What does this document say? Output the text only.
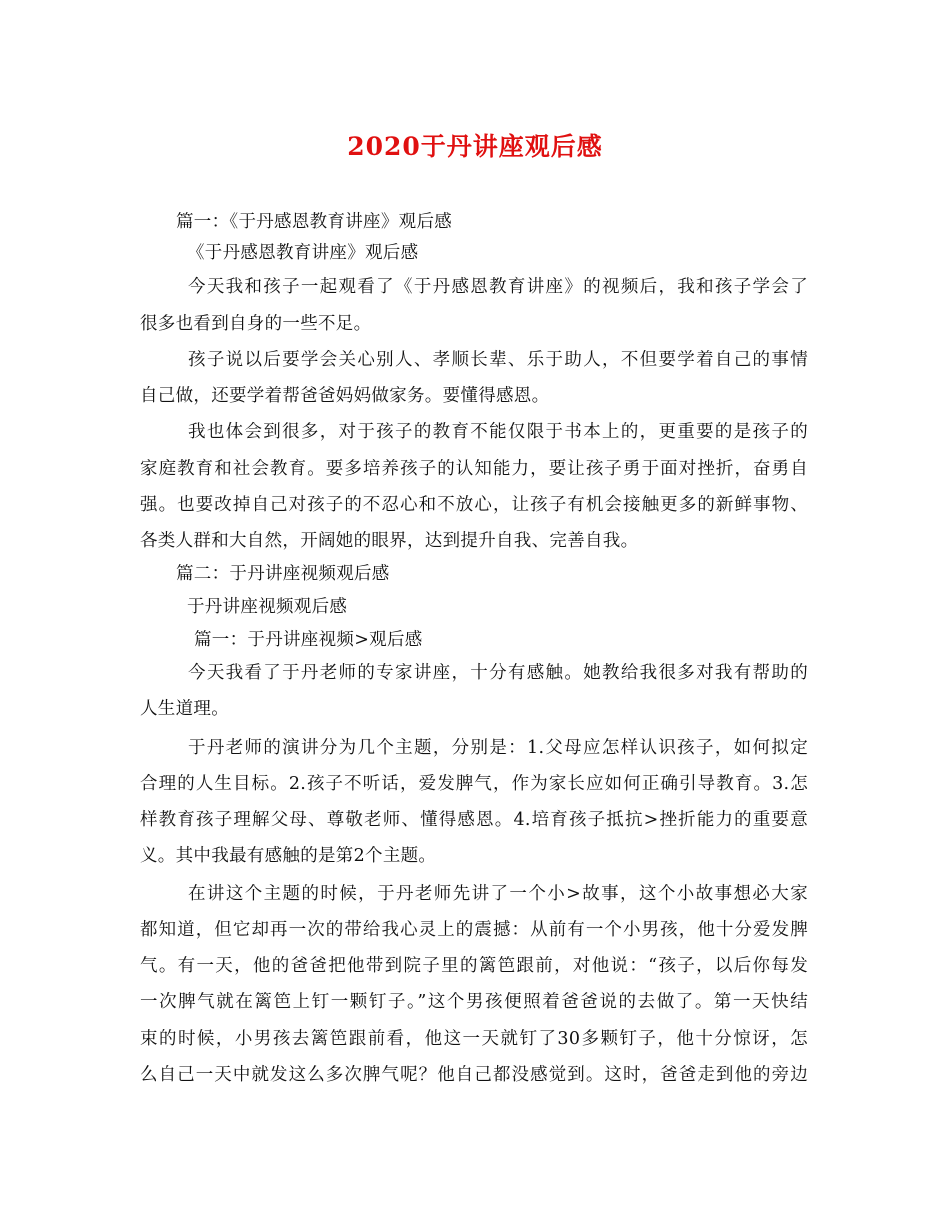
2020于丹讲座观后感
篇一：《于丹感恩教育讲座》观后感
《于丹感恩教育讲座》观后感
今天我和孩子一起观看了《于丹感恩教育讲座》的视频后，我和孩子学会了
很多也看到自身的一些不足。
孩子说以后要学会关心别人、孝顺长辈、乐于助人，不但要学着自己的事情
自己做，还要学着帮爸爸妈妈做家务。要懂得感恩。
我也体会到很多，对于孩子的教育不能仅限于书本上的，更重要的是孩子的
家庭教育和社会教育。要多培养孩子的认知能力，要让孩子勇于面对挫折，奋勇自
强。也要改掉自己对孩子的不忍心和不放心，让孩子有机会接触更多的新鲜事物、
各类人群和大自然，开阔她的眼界，达到提升自我、完善自我。
篇二：于丹讲座视频观后感
于丹讲座视频观后感
篇一：于丹讲座视频>观后感
今天我看了于丹老师的专家讲座，十分有感触。她教给我很多对我有帮助的
人生道理。
于丹老师的演讲分为几个主题，分别是：1.父母应怎样认识孩子，如何拟定
合理的人生目标。2.孩子不听话，爱发脾气，作为家长应如何正确引导教育。3.怎
样教育孩子理解父母、尊敬老师、懂得感恩。4.培育孩子抵抗>挫折能力的重要意
义。其中我最有感触的是第2个主题。
在讲这个主题的时候，于丹老师先讲了一个小>故事，这个小故事想必大家
都知道，但它却再一次的带给我心灵上的震撼：从前有一个小男孩，他十分爱发脾
气。有一天，他的爸爸把他带到院子里的篱笆跟前，对他说：“孩子，以后你每发
一次脾气就在篱笆上钉一颗钉子。”这个男孩便照着爸爸说的去做了。第一天快结
束的时候，小男孩去篱笆跟前看，他这一天就钉了30多颗钉子，他十分惊讶，怎
么自己一天中就发这么多次脾气呢？他自己都没感觉到。这时，爸爸走到他的旁边
